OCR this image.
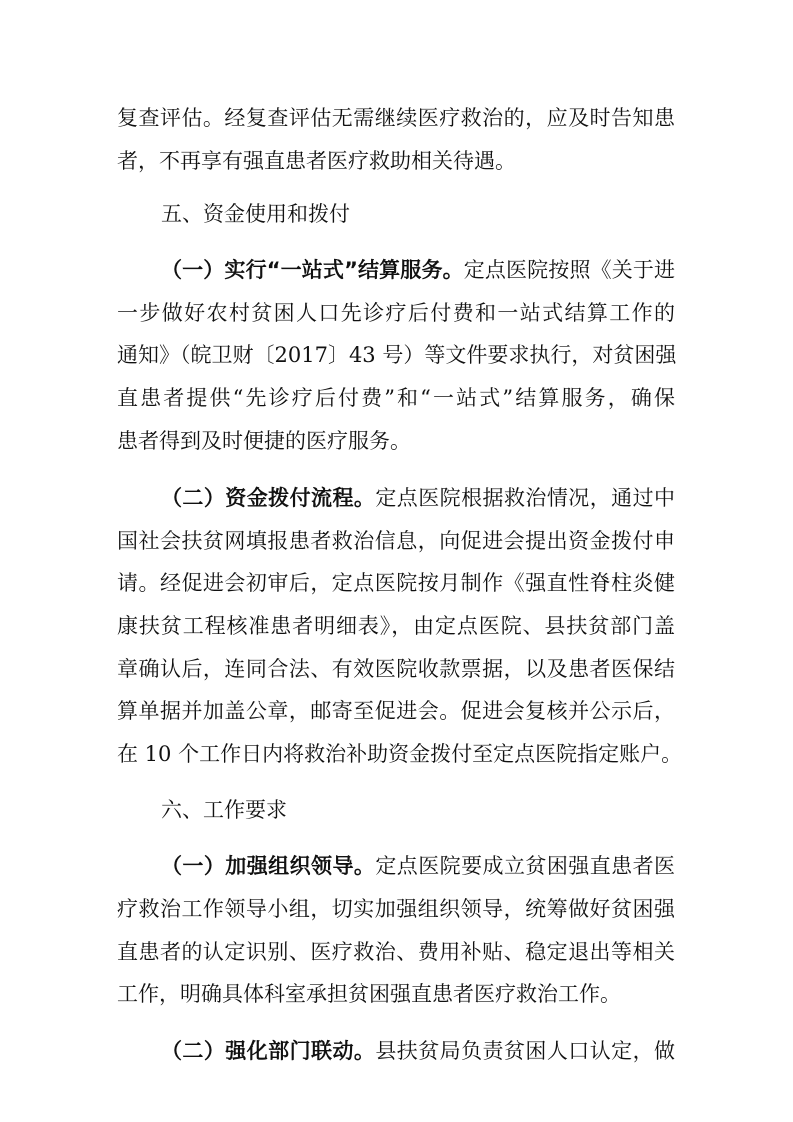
复查评估。经复查评估无需继续医疗救治的，应及时告知患
者，不再享有强直患者医疗救助相关待遇。
五、资金使用和拨付
（一）实行“一站式”结算服务。定点医院按照《关于进
一步做好农村贫困人口先诊疗后付费和一站式结算工作的
通知》（皖卫财〔2017〕43 号）等文件要求执行，对贫困强
直患者提供“先诊疗后付费”和“一站式”结算服务，确保
患者得到及时便捷的医疗服务。
（二）资金拨付流程。定点医院根据救治情况，通过中
国社会扶贫网填报患者救治信息，向促进会提出资金拨付申
请。经促进会初审后，定点医院按月制作《强直性脊柱炎健
康扶贫工程核准患者明细表》，由定点医院、县扶贫部门盖
章确认后，连同合法、有效医院收款票据，以及患者医保结
算单据并加盖公章，邮寄至促进会。促进会复核并公示后，
在 10 个工作日内将救治补助资金拨付至定点医院指定账户。
六、工作要求
（一）加强组织领导。定点医院要成立贫困强直患者医
疗救治工作领导小组，切实加强组织领导，统筹做好贫困强
直患者的认定识别、医疗救治、费用补贴、稳定退出等相关
工作，明确具体科室承担贫困强直患者医疗救治工作。
（二）强化部门联动。县扶贫局负责贫困人口认定，做
